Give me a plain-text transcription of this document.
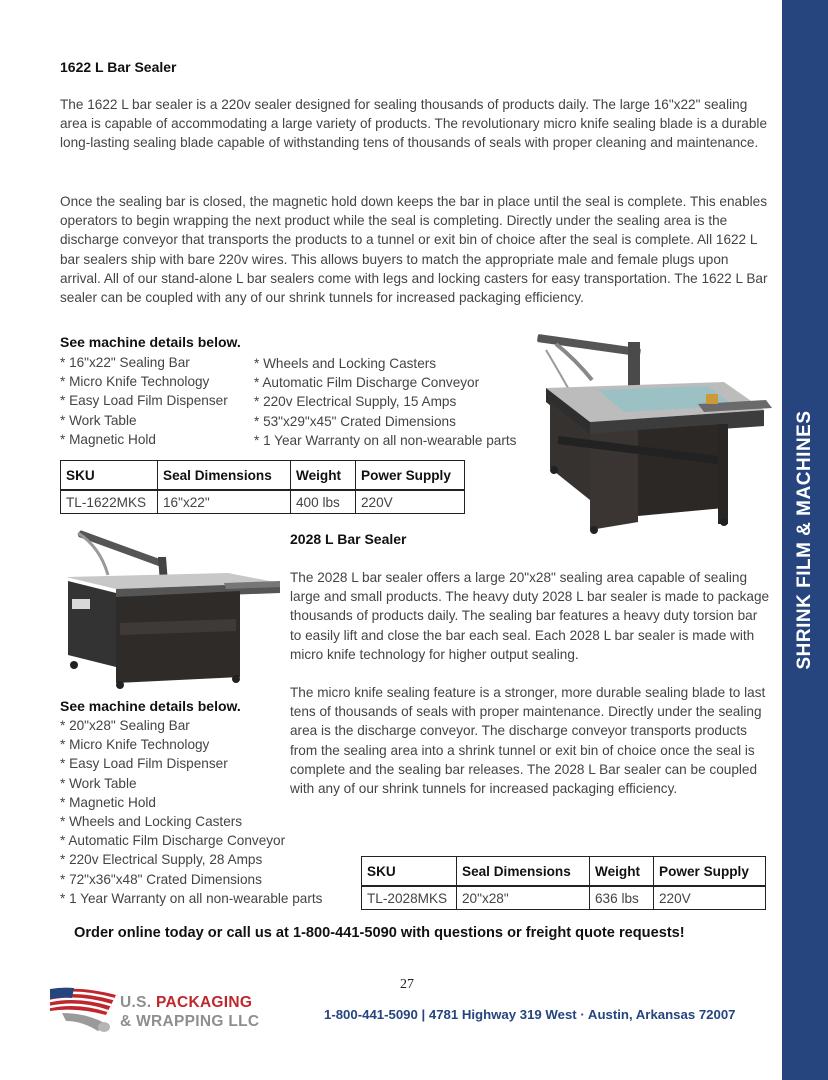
SHRINK FILM & MACHINES
1622 L Bar Sealer

The 1622 L bar sealer is a 220v sealer designed for sealing thousands of products daily. The large 16"x22" sealing area is capable of accommodating a large variety of products. The revolutionary micro knife sealing blade is a durable long-lasting sealing blade capable of withstanding tens of thousands of seals with proper cleaning and maintenance.

Once the sealing bar is closed, the magnetic hold down keeps the bar in place until the seal is complete. This enables operators to begin wrapping the next product while the seal is completing. Directly under the sealing area is the discharge conveyor that transports the products to a tunnel or exit bin of choice after the seal is complete. All 1622 L bar sealers ship with bare 220v wires. This allows buyers to match the appropriate male and female plugs upon arrival. All of our stand-alone L bar sealers come with legs and locking casters for easy transportation. The 1622 L Bar sealer can be coupled with any of our shrink tunnels for increased packaging efficiency.

See machine details below.
* 16"x22" Sealing Bar
* Micro Knife Technology
* Easy Load Film Dispenser
* Work Table
* Magnetic Hold
* Wheels and Locking Casters
* Automatic Film Discharge Conveyor
* 220v Electrical Supply, 15 Amps
* 53"x29"x45" Crated Dimensions
* 1 Year Warranty on all non-wearable parts
SKU	Seal Dimensions	Weight	Power Supply
TL-1622MKS	16"x22"	400 lbs	220V
2028 L Bar Sealer

The 2028 L bar sealer offers a large 20"x28" sealing area capable of sealing large and small products. The heavy duty 2028 L bar sealer is made to package thousands of products daily. The sealing bar features a heavy duty torsion bar to easily lift and close the bar each seal. Each 2028 L bar sealer is made with micro knife technology for higher output sealing.

The micro knife sealing feature is a stronger, more durable sealing blade to last tens of thousands of seals with proper maintenance. Directly under the sealing area is the discharge conveyor. The discharge conveyor transports products from the sealing area into a shrink tunnel or exit bin of choice once the seal is complete and the sealing bar releases. The 2028 L Bar sealer can be coupled with any of our shrink tunnels for increased packaging efficiency.

See machine details below.
* 20"x28" Sealing Bar
* Micro Knife Technology
* Easy Load Film Dispenser
* Work Table
* Magnetic Hold
* Wheels and Locking Casters
* Automatic Film Discharge Conveyor
* 220v Electrical Supply, 28 Amps
* 72"x36"x48" Crated Dimensions
* 1 Year Warranty on all non-wearable parts
SKU	Seal Dimensions	Weight	Power Supply
TL-2028MKS	20"x28"	636 lbs	220V
Order online today or call us at 1-800-441-5090 with questions or freight quote requests!
27
U.S. PACKAGING
& WRAPPING LLC	1-800-441-5090 | 4781 Highway 319 West · Austin, Arkansas 72007
